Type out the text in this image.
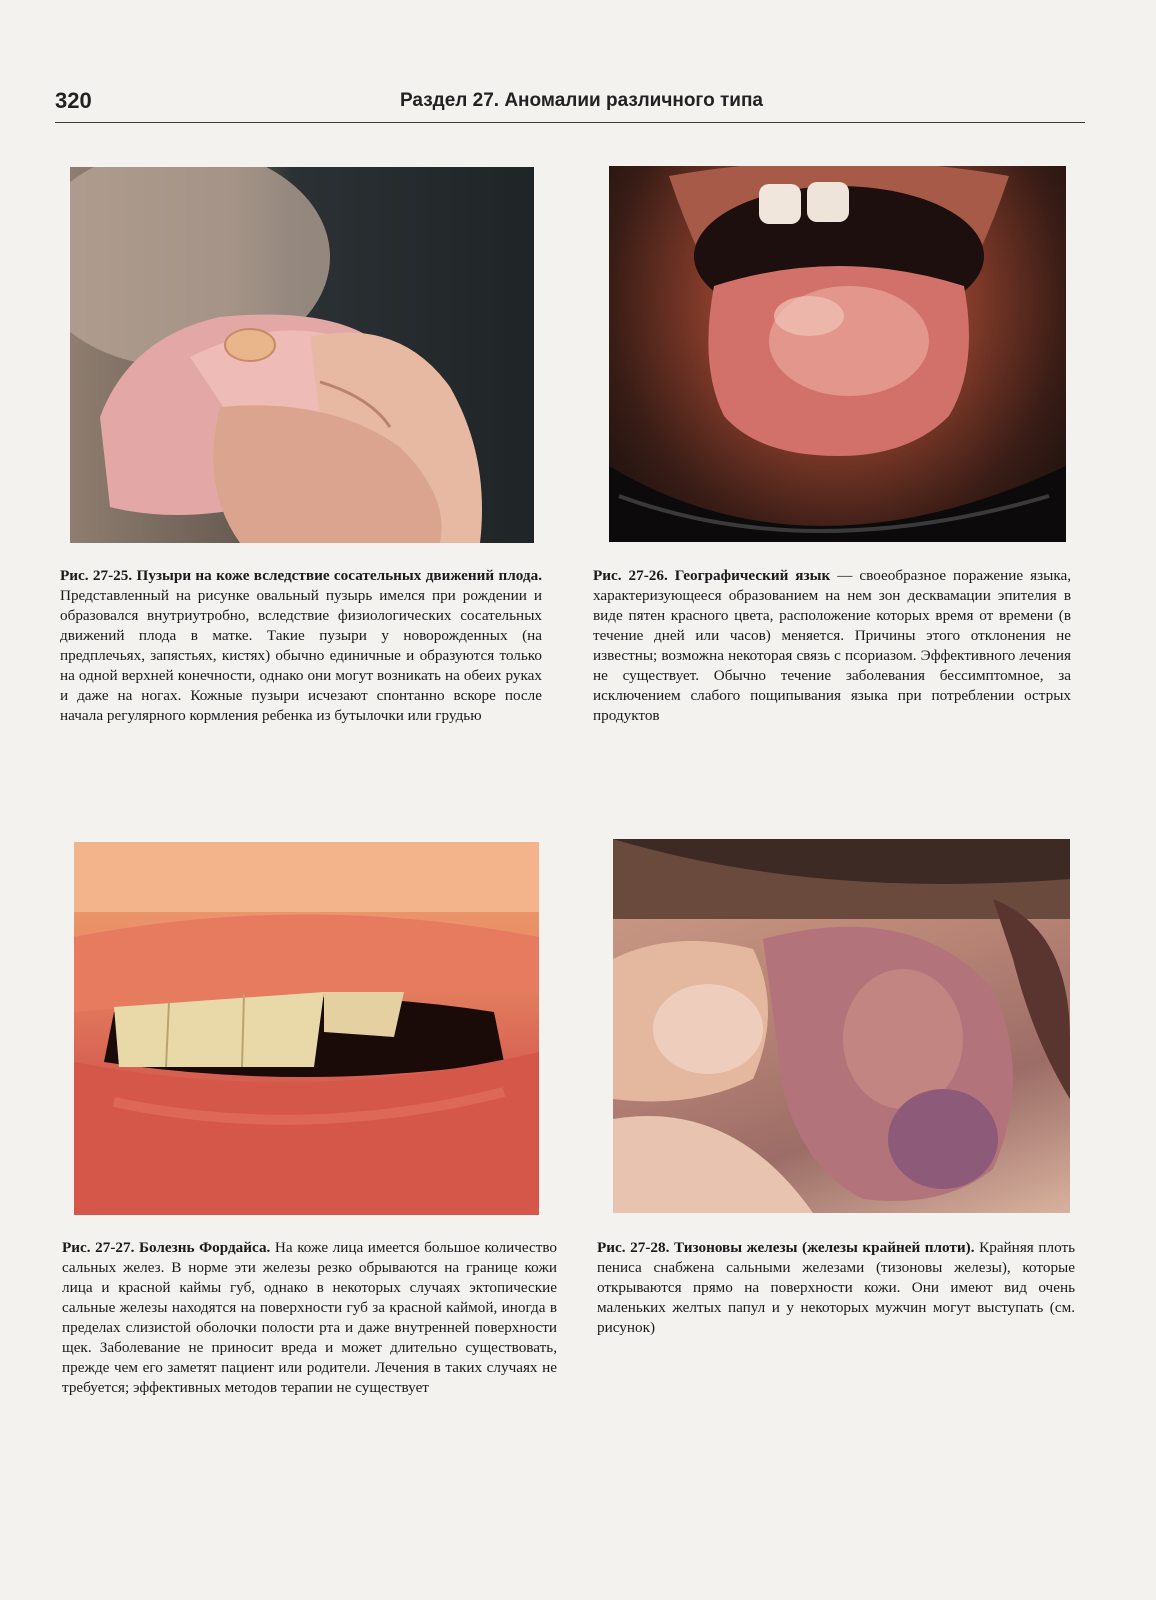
320	Раздел 27. Аномалии различного типа
Рис. 27-25. Пузыри на коже вследствие сосательных движений плода. Представленный на рисунке овальный пузырь имелся при рождении и образовался внутриутробно, вследствие физиологических сосательных движений плода в матке. Такие пузыри у новорожденных (на предплечьях, запястьях, кистях) обычно единичные и образуются только на одной верхней конечности, однако они могут возникать на обеих руках и даже на ногах. Кожные пузыри исчезают спонтанно вскоре после начала регулярного кормления ребенка из бутылочки или грудью
Рис. 27-26. Географический язык — своеобразное поражение языка, характеризующееся образованием на нем зон десквамации эпителия в виде пятен красного цвета, расположение которых время от времени (в течение дней или часов) меняется. Причины этого отклонения не известны; возможна некоторая связь с псориазом. Эффективного лечения не существует. Обычно течение заболевания бессимптомное, за исключением слабого пощипывания языка при потреблении острых продуктов
Рис. 27-27. Болезнь Фордайса. На коже лица имеется большое количество сальных желез. В норме эти железы резко обрываются на границе кожи лица и красной каймы губ, однако в некоторых случаях эктопические сальные железы находятся на поверхности губ за красной каймой, иногда в пределах слизистой оболочки полости рта и даже внутренней поверхности щек. Заболевание не приносит вреда и может длительно существовать, прежде чем его заметят пациент или родители. Лечения в таких случаях не требуется; эффективных методов терапии не существует
Рис. 27-28. Тизоновы железы (железы крайней плоти). Крайняя плоть пениса снабжена сальными железами (тизоновы железы), которые открываются прямо на поверхности кожи. Они имеют вид очень маленьких желтых папул и у некоторых мужчин могут выступать (см. рисунок)
